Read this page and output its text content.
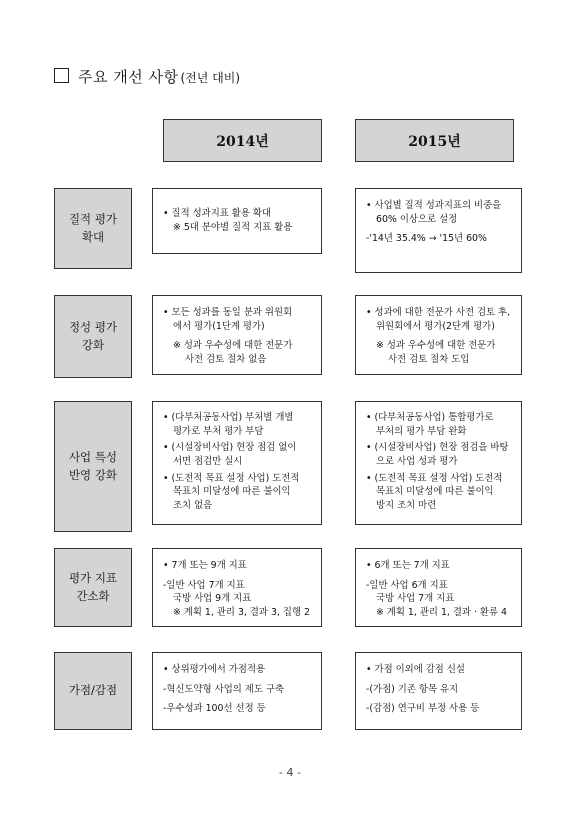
주요 개선 사항 (전년 대비)
2014년	2015년
질적 평가
확대
• 질적 성과지표 활용 확대
※ 5대 분야별 질적 지표 활용
• 사업별 질적 성과지표의 비중을
60% 이상으로 설정
-'14년 35.4% → '15년 60%
정성 평가
강화
• 모든 성과를 동일 분과 위원회
에서 평가(1단계 평가)
※ 성과 우수성에 대한 전문가
사전 검토 절차 없음
• 성과에 대한 전문가 사전 검토 후,
위원회에서 평가(2단계 평가)
※ 성과 우수성에 대한 전문가
사전 검토 절차 도입
사업 특성
반영 강화
• (다부처공동사업) 부처별 개별
평가로 부처 평가 부담
• (시설장비사업) 현장 점검 없이
서면 점검만 실시
• (도전적 목표 설정 사업) 도전적
목표치 미달성에 따른 불이익
조치 없음
• (다부처공동사업) 통합평가로
부처의 평가 부담 완화
• (시설장비사업) 현장 점검을 바탕
으로 사업 성과 평가
• (도전적 목표 설정 사업) 도전적
목표치 미달성에 따른 불이익
방지 조치 마련
평가 지표
간소화
• 7개 또는 9개 지표
-일반 사업 7개 지표
국방 사업 9개 지표
※ 계획 1, 관리 3, 결과 3, 집행 2
• 6개 또는 7개 지표
-일반 사업 6개 지표
국방 사업 7개 지표
※ 계획 1, 관리 1, 결과 · 환류 4
가점/감점
• 상위평가에서 가점적용
-혁신도약형 사업의 제도 구축
-우수성과 100선 선정 등
• 가점 이외에 감점 신설
-(가점) 기존 항목 유지
-(감점) 연구비 부정 사용 등
- 4 -
